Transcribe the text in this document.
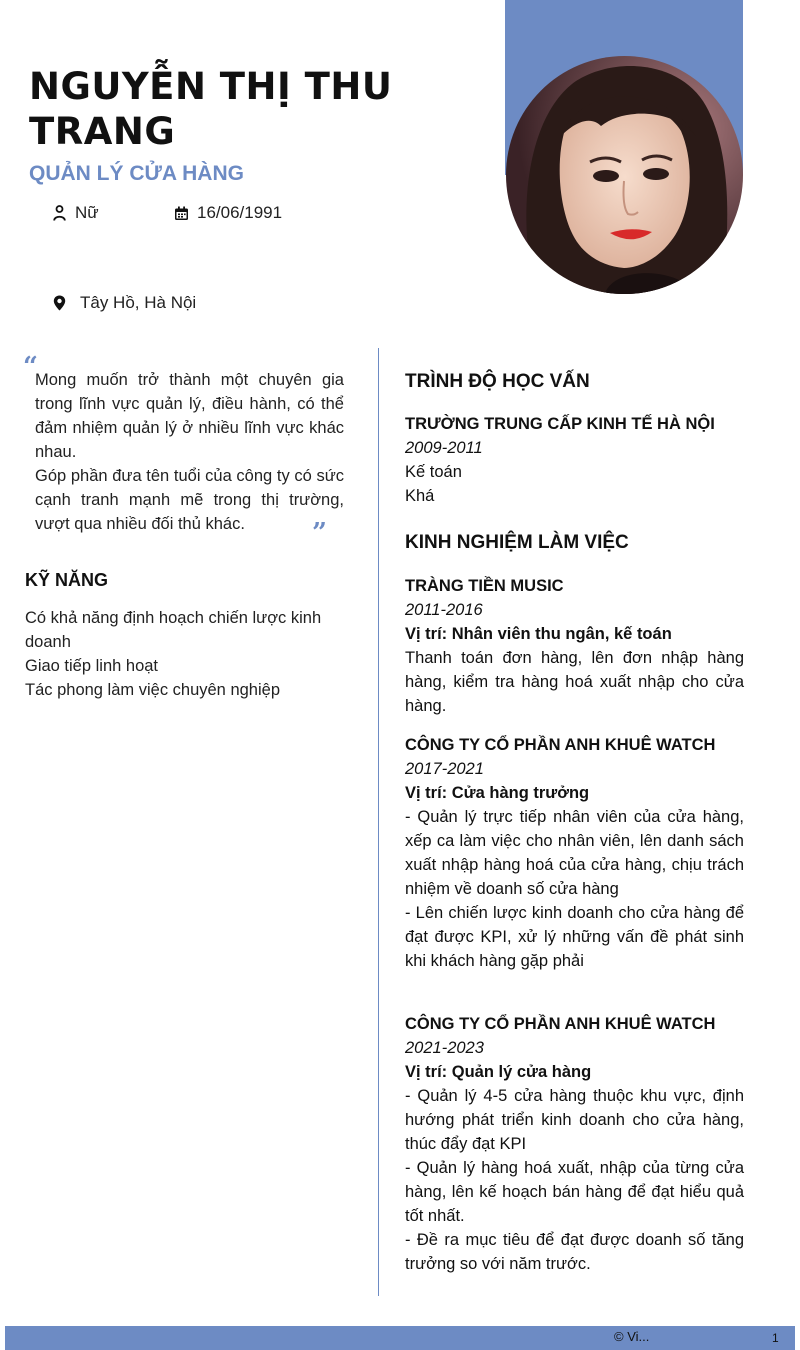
NGUYỄN THỊ THU TRANG
QUẢN LÝ CỬA HÀNG
Nữ	16/06/1991
Tây Hồ, Hà Nội
“

Mong muốn trở thành một chuyên gia trong lĩnh vực quản lý, điều hành, có thể đảm nhiệm quản lý ở nhiều lĩnh vực khác nhau.

Góp phần đưa tên tuổi của công ty có sức cạnh tranh mạnh mẽ trong thị trường, vượt qua nhiều đối thủ khác.	”
KỸ NĂNG
Có khả năng định hoạch chiến lược kinh doanh
Giao tiếp linh hoạt
Tác phong làm việc chuyên nghiệp
TRÌNH ĐỘ HỌC VẤN
TRƯỜNG TRUNG CẤP KINH TẾ HÀ NỘI
2009-2011
Kế toán
Khá
KINH NGHIỆM LÀM VIỆC
TRÀNG TIỀN MUSIC
2011-2016
Vị trí: Nhân viên thu ngân, kế toán
Thanh toán đơn hàng, lên đơn nhập hàng hàng, kiểm tra hàng hoá xuất nhập cho cửa hàng.
CÔNG TY CỔ PHẦN ANH KHUÊ WATCH
2017-2021
Vị trí: Cửa hàng trưởng
- Quản lý trực tiếp nhân viên của cửa hàng, xếp ca làm việc cho nhân viên, lên danh sách xuất nhập hàng hoá của cửa hàng, chịu trách nhiệm về doanh số cửa hàng
- Lên chiến lược kinh doanh cho cửa hàng để đạt được KPI, xử lý những vấn đề phát sinh khi khách hàng gặp phải
CÔNG TY CỔ PHẦN ANH KHUÊ WATCH
2021-2023
Vị trí: Quản lý cửa hàng
- Quản lý 4-5 cửa hàng thuộc khu vực, định hướng phát triển kinh doanh cho cửa hàng, thúc đẩy đạt KPI
- Quản lý hàng hoá xuất, nhập của từng cửa hàng, lên kế hoạch bán hàng để đạt hiểu quả tốt nhất.
- Đề ra mục tiêu để đạt được doanh số tăng trưởng so với năm trước.
© Vi...	1
